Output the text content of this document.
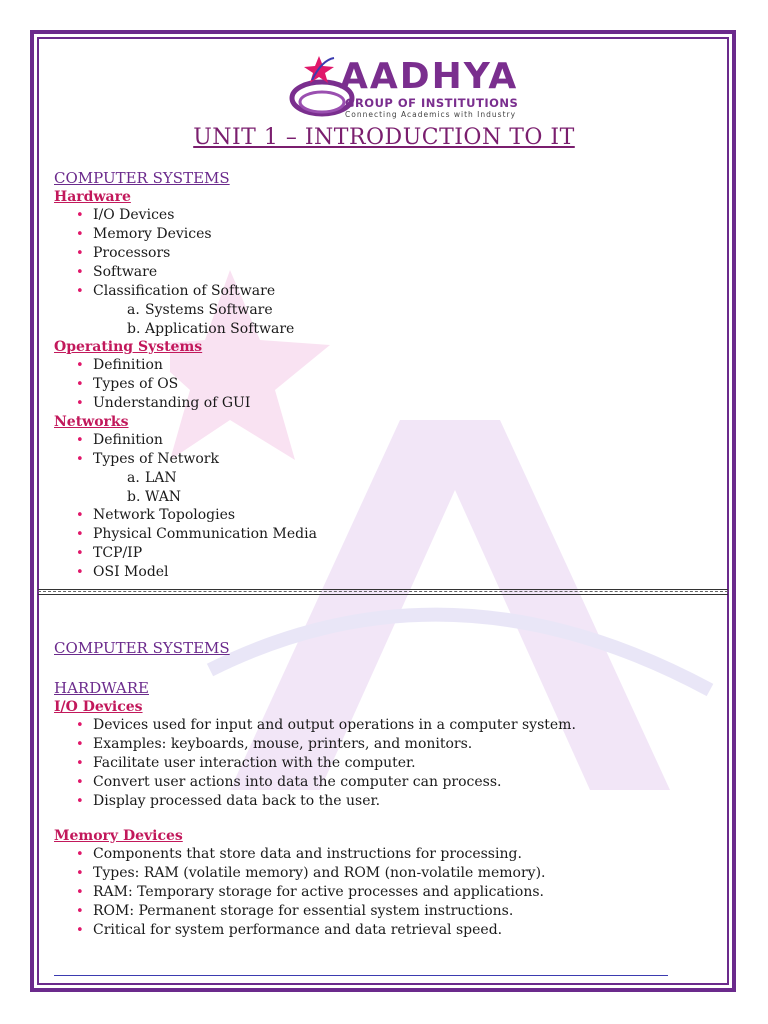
AADHYA
GROUP OF INSTITUTIONS
Connecting Academics with Industry
UNIT 1 – INTRODUCTION TO IT
COMPUTER SYSTEMS
Hardware
• I/O Devices
• Memory Devices
• Processors
• Software
• Classification of Software
a. Systems Software
b. Application Software
Operating Systems
• Definition
• Types of OS
• Understanding of GUI
Networks
• Definition
• Types of Network
a. LAN
b. WAN
• Network Topologies
• Physical Communication Media
• TCP/IP
• OSI Model
COMPUTER SYSTEMS
HARDWARE
I/O Devices
• Devices used for input and output operations in a computer system.
• Examples: keyboards, mouse, printers, and monitors.
• Facilitate user interaction with the computer.
• Convert user actions into data the computer can process.
• Display processed data back to the user.
Memory Devices
• Components that store data and instructions for processing.
• Types: RAM (volatile memory) and ROM (non-volatile memory).
• RAM: Temporary storage for active processes and applications.
• ROM: Permanent storage for essential system instructions.
• Critical for system performance and data retrieval speed.
